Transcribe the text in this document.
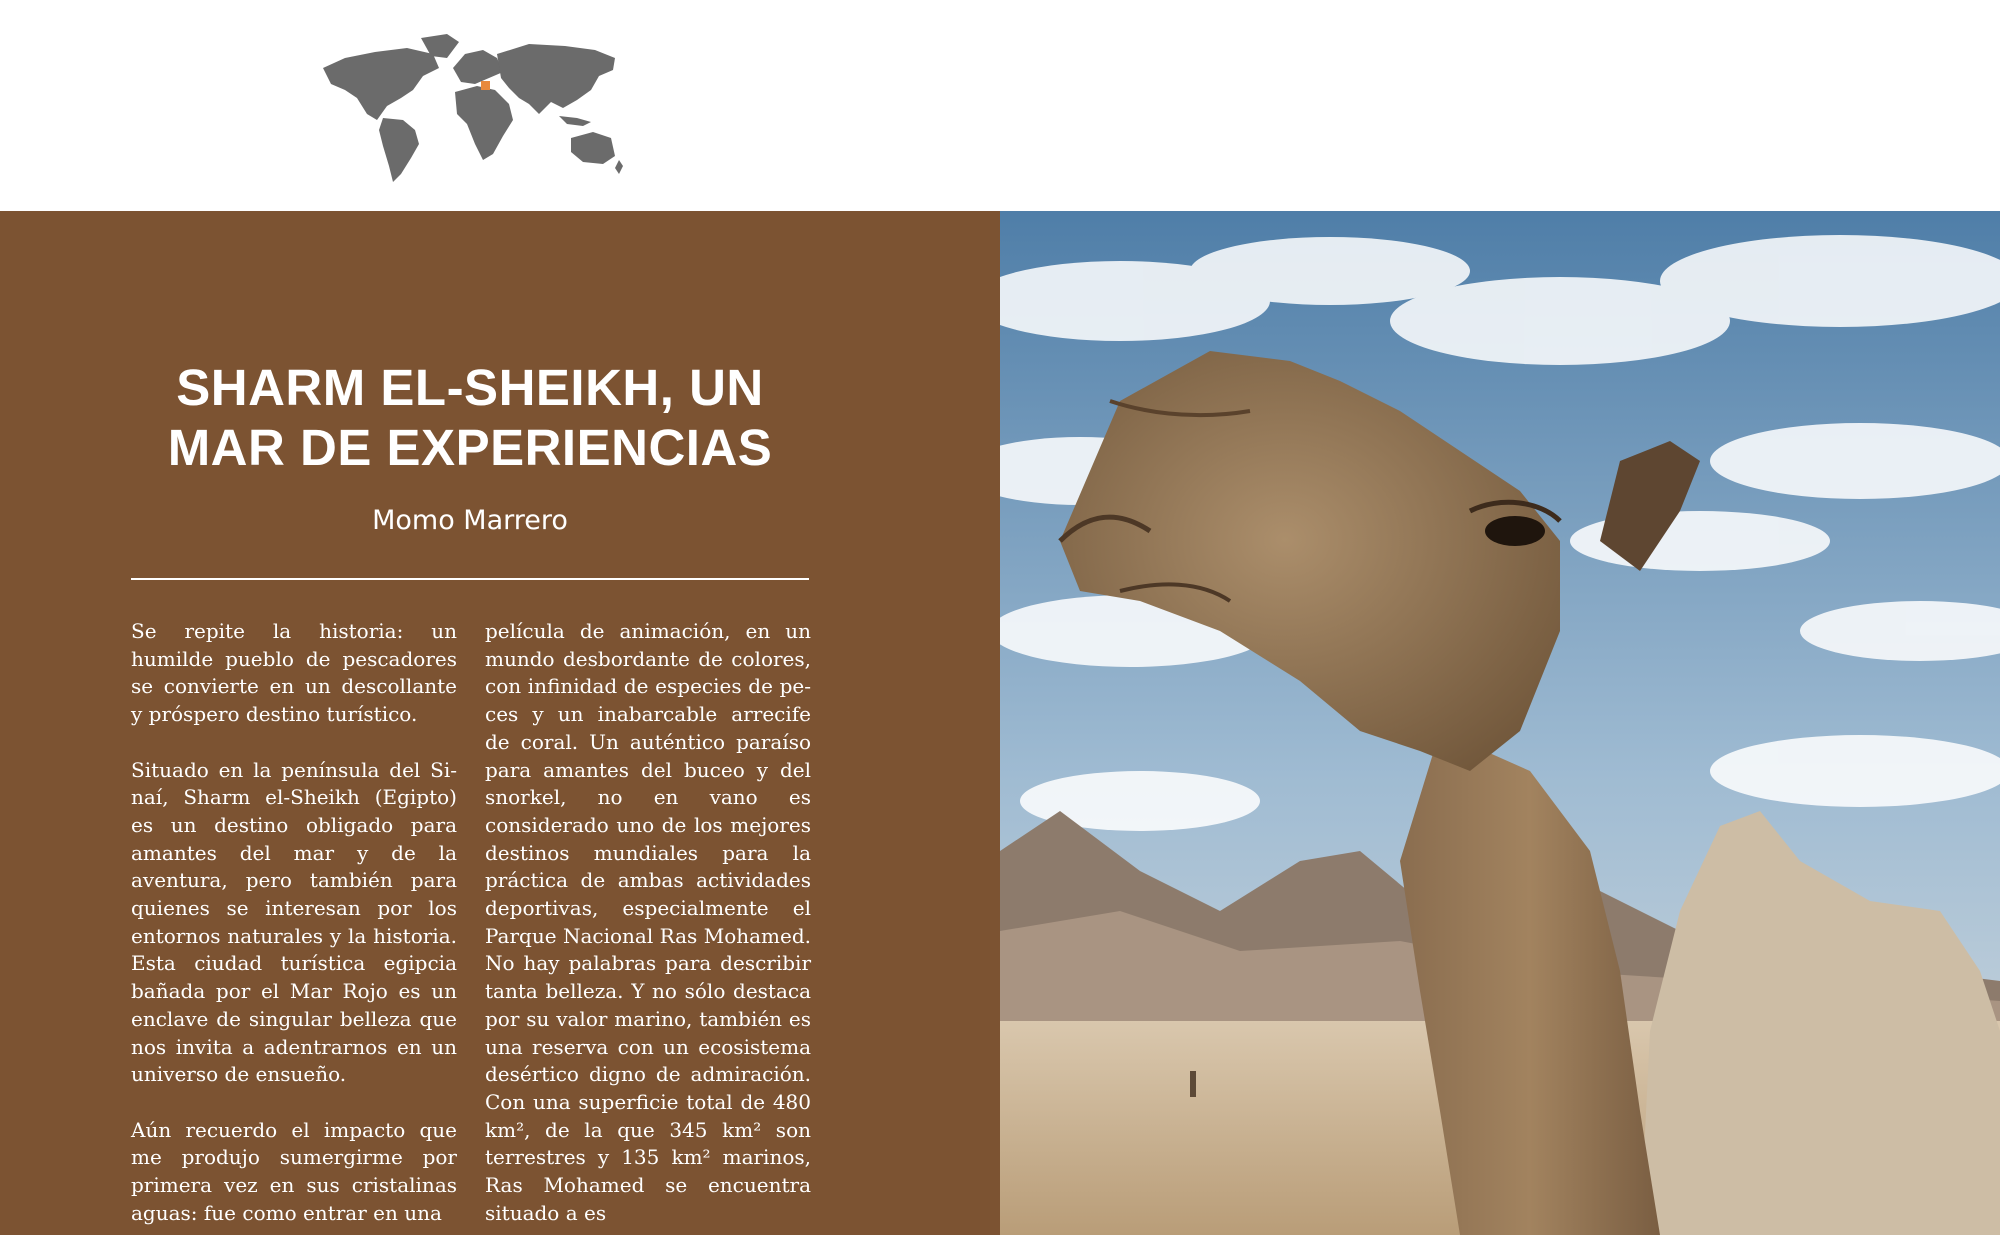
SHARM EL-SHEIKH, UN
MAR DE EXPERIENCIAS
Momo Marrero

Se repite la historia: un humilde pueblo de pescadores se convierte en un descollante y próspero destino turístico.

Situado en la península del Sinaí, Sharm el-Sheikh (Egipto) es un destino obligado para amantes del mar y de la aventura, pero también para quienes se interesan por los entornos naturales y la historia. Esta ciudad turística egipcia bañada por el Mar Rojo es un enclave de singular belleza que nos invita a adentrarnos en un universo de ensueño.

Aún recuerdo el impacto que me produjo sumergirme por primera vez en sus cristalinas aguas: fue como entrar en una

película de animación, en un mundo desbordante de colores, con infinidad de especies de peces y un inabarcable arrecife de coral. Un auténtico paraíso para amantes del buceo y del snorkel, no en vano es considerado uno de los mejores destinos mundiales para la práctica de ambas actividades deportivas, especialmente el Parque Nacional Ras Mohamed. No hay palabras para describir tanta belleza. Y no sólo destaca por su valor marino, también es una reserva con un ecosistema desértico digno de admiración. Con una superficie total de 480 km², de la que 345 km² son terrestres y 135 km² marinos, Ras Mohamed se encuentra situado a es
